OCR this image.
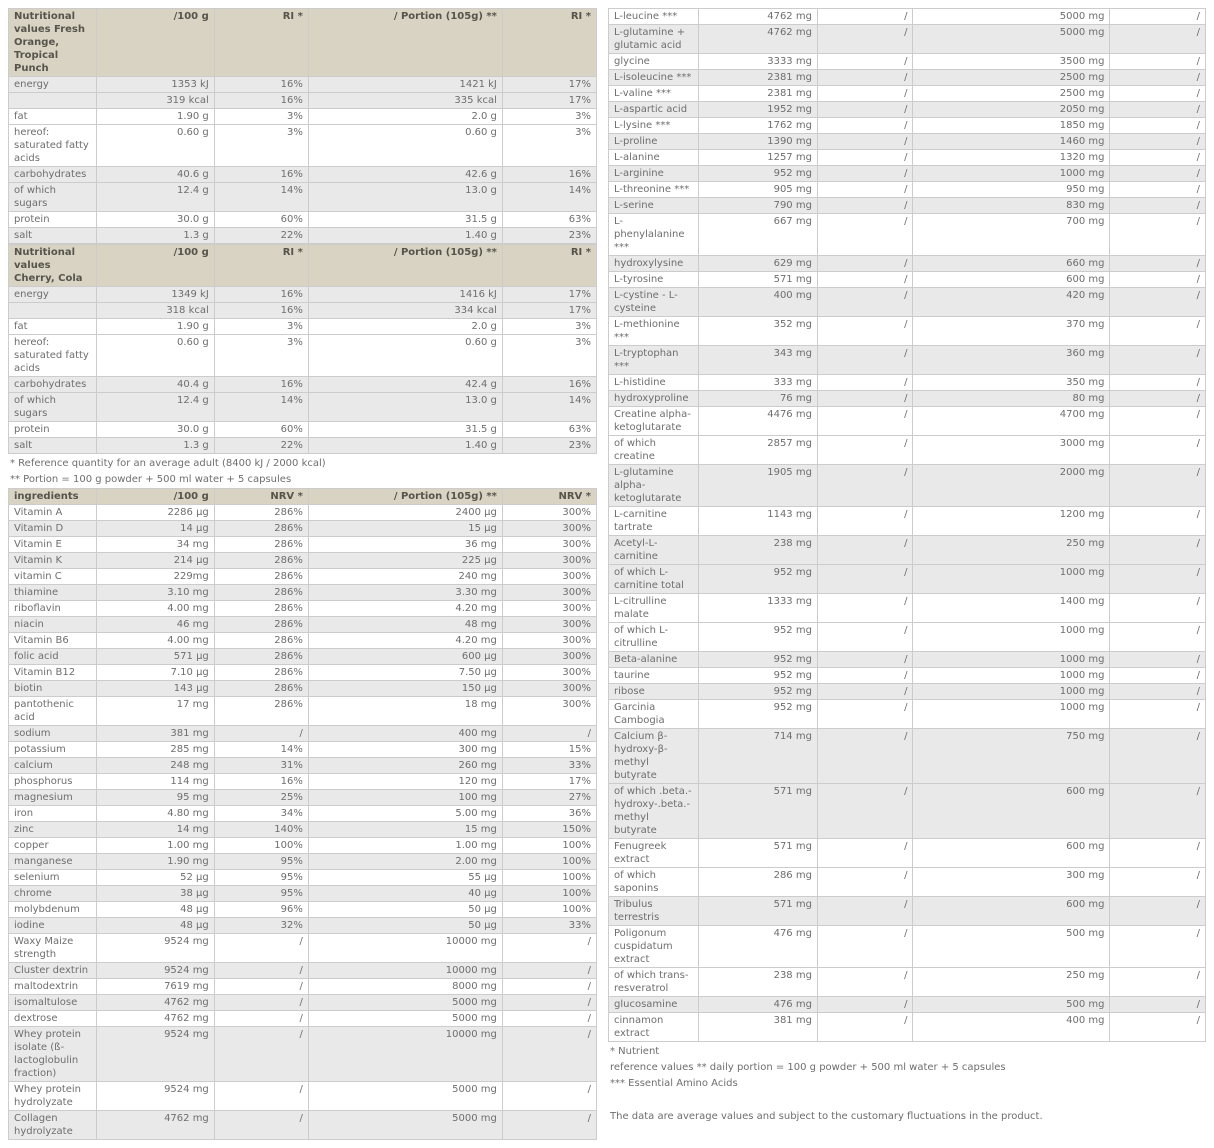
Nutritional values Fresh Orange, Tropical Punch	/100 g	RI *	/ Portion (105g) **	RI *
energy	1353 kJ	16%	1421 kJ	17%
	319 kcal	16%	335 kcal	17%
fat	1.90 g	3%	2.0 g	3%
hereof: saturated fatty acids	0.60 g	3%	0.60 g	3%
carbohydrates	40.6 g	16%	42.6 g	16%
of which sugars	12.4 g	14%	13.0 g	14%
protein	30.0 g	60%	31.5 g	63%
salt	1.3 g	22%	1.40 g	23%
Nutritional values Cherry, Cola	/100 g	RI *	/ Portion (105g) **	RI *
energy	1349 kJ	16%	1416 kJ	17%
	318 kcal	16%	334 kcal	17%
fat	1.90 g	3%	2.0 g	3%
hereof: saturated fatty acids	0.60 g	3%	0.60 g	3%
carbohydrates	40.4 g	16%	42.4 g	16%
of which sugars	12.4 g	14%	13.0 g	14%
protein	30.0 g	60%	31.5 g	63%
salt	1.3 g	22%	1.40 g	23%
* Reference quantity for an average adult (8400 kJ / 2000 kcal)
** Portion = 100 g powder + 500 ml water + 5 capsules
ingredients	/100 g	NRV *	/ Portion (105g) **	NRV *
Vitamin A	2286 µg	286%	2400 µg	300%
Vitamin D	14 µg	286%	15 µg	300%
Vitamin E	34 mg	286%	36 mg	300%
Vitamin K	214 µg	286%	225 µg	300%
vitamin C	229mg	286%	240 mg	300%
thiamine	3.10 mg	286%	3.30 mg	300%
riboflavin	4.00 mg	286%	4.20 mg	300%
niacin	46 mg	286%	48 mg	300%
Vitamin B6	4.00 mg	286%	4.20 mg	300%
folic acid	571 µg	286%	600 µg	300%
Vitamin B12	7.10 µg	286%	7.50 µg	300%
biotin	143 µg	286%	150 µg	300%
pantothenic acid	17 mg	286%	18 mg	300%
sodium	381 mg	/	400 mg	/
potassium	285 mg	14%	300 mg	15%
calcium	248 mg	31%	260 mg	33%
phosphorus	114 mg	16%	120 mg	17%
magnesium	95 mg	25%	100 mg	27%
iron	4.80 mg	34%	5.00 mg	36%
zinc	14 mg	140%	15 mg	150%
copper	1.00 mg	100%	1.00 mg	100%
manganese	1.90 mg	95%	2.00 mg	100%
selenium	52 µg	95%	55 µg	100%
chrome	38 µg	95%	40 µg	100%
molybdenum	48 µg	96%	50 µg	100%
iodine	48 µg	32%	50 µg	33%
Waxy Maize strength	9524 mg	/	10000 mg	/
Cluster dextrin	9524 mg	/	10000 mg	/
maltodextrin	7619 mg	/	8000 mg	/
isomaltulose	4762 mg	/	5000 mg	/
dextrose	4762 mg	/	5000 mg	/
Whey protein isolate (ß- lactoglobulin fraction)	9524 mg	/	10000 mg	/
Whey protein hydrolyzate	9524 mg	/	5000 mg	/
Collagen hydrolyzate	4762 mg	/	5000 mg	/
L-leucine ***	4762 mg	/	5000 mg	/
L-glutamine + glutamic acid	4762 mg	/	5000 mg	/
glycine	3333 mg	/	3500 mg	/
L-isoleucine ***	2381 mg	/	2500 mg	/
L-valine ***	2381 mg	/	2500 mg	/
L-aspartic acid	1952 mg	/	2050 mg	/
L-lysine ***	1762 mg	/	1850 mg	/
L-proline	1390 mg	/	1460 mg	/
L-alanine	1257 mg	/	1320 mg	/
L-arginine	952 mg	/	1000 mg	/
L-threonine ***	905 mg	/	950 mg	/
L-serine	790 mg	/	830 mg	/
L- phenylalanine ***	667 mg	/	700 mg	/
hydroxylysine	629 mg	/	660 mg	/
L-tyrosine	571 mg	/	600 mg	/
L-cystine - L- cysteine	400 mg	/	420 mg	/
L-methionine ***	352 mg	/	370 mg	/
L-tryptophan ***	343 mg	/	360 mg	/
L-histidine	333 mg	/	350 mg	/
hydroxyproline	76 mg	/	80 mg	/
Creatine alpha- ketoglutarate	4476 mg	/	4700 mg	/
of which creatine	2857 mg	/	3000 mg	/
L-glutamine alpha- ketoglutarate	1905 mg	/	2000 mg	/
L-carnitine tartrate	1143 mg	/	1200 mg	/
Acetyl-L- carnitine	238 mg	/	250 mg	/
of which L- carnitine total	952 mg	/	1000 mg	/
L-citrulline malate	1333 mg	/	1400 mg	/
of which L- citrulline	952 mg	/	1000 mg	/
Beta-alanine	952 mg	/	1000 mg	/
taurine	952 mg	/	1000 mg	/
ribose	952 mg	/	1000 mg	/
Garcinia Cambogia	952 mg	/	1000 mg	/
Calcium β- hydroxy-β- methyl butyrate	714 mg	/	750 mg	/
of which .beta.- hydroxy-.beta.- methyl butyrate	571 mg	/	600 mg	/
Fenugreek extract	571 mg	/	600 mg	/
of which saponins	286 mg	/	300 mg	/
Tribulus terrestris	571 mg	/	600 mg	/
Poligonum cuspidatum extract	476 mg	/	500 mg	/
of which trans- resveratrol	238 mg	/	250 mg	/
glucosamine	476 mg	/	500 mg	/
cinnamon extract	381 mg	/	400 mg	/
* Nutrient
reference values ** daily portion = 100 g powder + 500 ml water + 5 capsules
*** Essential Amino Acids
The data are average values and subject to the customary fluctuations in the product.
